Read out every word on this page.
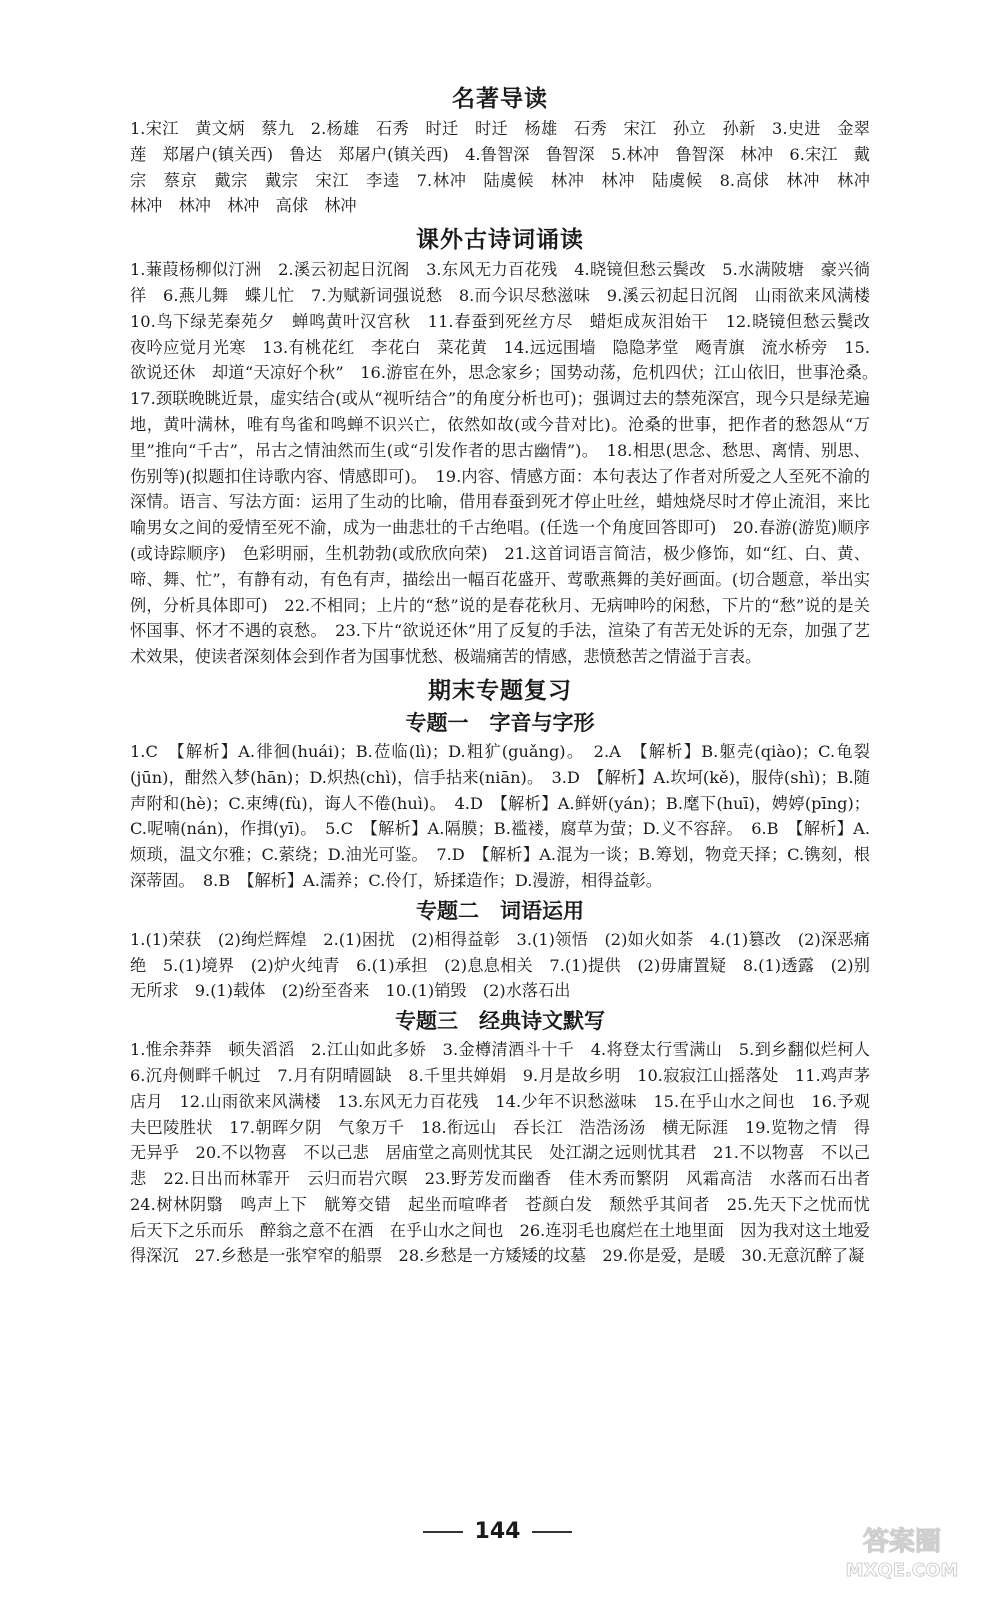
名著导读

1.宋江　黄文炳　蔡九　2.杨雄　石秀　时迁　时迁　杨雄　石秀　宋江　孙立　孙新　3.史进　金翠莲　郑屠户(镇关西)　鲁达　郑屠户(镇关西)　4.鲁智深　鲁智深　5.林冲　鲁智深　林冲　6.宋江　戴宗　蔡京　戴宗　戴宗　宋江　李逵　7.林冲　陆虞候　林冲　林冲　陆虞候　8.高俅　林冲　林冲　林冲　林冲　林冲　高俅　林冲

课外古诗词诵读

1.蒹葭杨柳似汀洲　2.溪云初起日沉阁　3.东风无力百花残　4.晓镜但愁云鬓改　5.水满陂塘　豪兴徜徉　6.燕儿舞　蝶儿忙　7.为赋新词强说愁　8.而今识尽愁滋味　9.溪云初起日沉阁　山雨欲来风满楼　10.鸟下绿芜秦苑夕　蝉鸣黄叶汉宫秋　11.春蚕到死丝方尽　蜡炬成灰泪始干　12.晓镜但愁云鬓改　夜吟应觉月光寒　13.有桃花红　李花白　菜花黄　14.远远围墙　隐隐茅堂　飏青旗　流水桥旁　15.欲说还休　却道“天凉好个秋”　16.游宦在外，思念家乡；国势动荡，危机四伏；江山依旧，世事沧桑。　17.颈联晚眺近景，虚实结合(或从“视听结合”的角度分析也可)；强调过去的禁苑深宫，现今只是绿芜遍地，黄叶满林，唯有鸟雀和鸣蝉不识兴亡，依然如故(或今昔对比)。沧桑的世事，把作者的愁怨从“万里”推向“千古”，吊古之情油然而生(或“引发作者的思古幽情”)。　18.相思(思念、愁思、离情、别思、伤别等)(拟题扣住诗歌内容、情感即可)。　19.内容、情感方面：本句表达了作者对所爱之人至死不渝的深情。语言、写法方面：运用了生动的比喻，借用春蚕到死才停止吐丝，蜡烛烧尽时才停止流泪，来比喻男女之间的爱情至死不渝，成为一曲悲壮的千古绝唱。(任选一个角度回答即可)　20.春游(游览)顺序(或诗踪顺序)　色彩明丽，生机勃勃(或欣欣向荣)　21.这首词语言简洁，极少修饰，如“红、白、黄、啼、舞、忙”，有静有动，有色有声，描绘出一幅百花盛开、莺歌燕舞的美好画面。(切合题意，举出实例，分析具体即可)　22.不相同；上片的“愁”说的是春花秋月、无病呻吟的闲愁，下片的“愁”说的是关怀国事、怀才不遇的哀愁。　23.下片“欲说还休”用了反复的手法，渲染了有苦无处诉的无奈，加强了艺术效果，使读者深刻体会到作者为国事忧愁、极端痛苦的情感，悲愤愁苦之情溢于言表。

期末专题复习
专题一　字音与字形

1.C　【解析】A.徘徊(huái)；B.莅临(lì)；D.粗犷(guǎng)。　2.A　【解析】B.躯壳(qiào)；C.龟裂(jūn)，酣然入梦(hān)；D.炽热(chì)，信手拈来(niān)。　3.D　【解析】A.坎坷(kě)，服侍(shì)；B.随声附和(hè)；C.束缚(fù)，诲人不倦(huì)。　4.D　【解析】A.鲜妍(yán)；B.麾下(huī)，娉婷(pīng)；C.呢喃(nán)，作揖(yī)。　5.C　【解析】A.隔膜；B.褴褛，腐草为萤；D.义不容辞。　6.B　【解析】A.烦琐，温文尔雅；C.萦绕；D.油光可鉴。　7.D　【解析】A.混为一谈；B.筹划，物竞天择；C.镌刻，根深蒂固。　8.B　【解析】A.濡养；C.伶仃，矫揉造作；D.漫游，相得益彰。

专题二　词语运用

1.(1)荣获　(2)绚烂辉煌　2.(1)困扰　(2)相得益彰　3.(1)领悟　(2)如火如荼　4.(1)篡改　(2)深恶痛绝　5.(1)境界　(2)炉火纯青　6.(1)承担　(2)息息相关　7.(1)提供　(2)毋庸置疑　8.(1)透露　(2)别无所求　9.(1)载体　(2)纷至沓来　10.(1)销毁　(2)水落石出

专题三　经典诗文默写

1.惟余莽莽　顿失滔滔　2.江山如此多娇　3.金樽清酒斗十千　4.将登太行雪满山　5.到乡翻似烂柯人　6.沉舟侧畔千帆过　7.月有阴晴圆缺　8.千里共婵娟　9.月是故乡明　10.寂寂江山摇落处　11.鸡声茅店月　12.山雨欲来风满楼　13.东风无力百花残　14.少年不识愁滋味　15.在乎山水之间也　16.予观夫巴陵胜状　17.朝晖夕阴　气象万千　18.衔远山　吞长江　浩浩汤汤　横无际涯　19.览物之情　得无异乎　20.不以物喜　不以己悲　居庙堂之高则忧其民　处江湖之远则忧其君　21.不以物喜　不以己悲　22.日出而林霏开　云归而岩穴暝　23.野芳发而幽香　佳木秀而繁阴　风霜高洁　水落而石出者　24.树林阴翳　鸣声上下　觥筹交错　起坐而喧哗者　苍颜白发　颓然乎其间者　25.先天下之忧而忧　后天下之乐而乐　醉翁之意不在酒　在乎山水之间也　26.连羽毛也腐烂在土地里面　因为我对这土地爱得深沉　27.乡愁是一张窄窄的船票　28.乡愁是一方矮矮的坟墓　29.你是爱，是暖　30.无意沉醉了凝

144	答案圈
MXQE.COM
